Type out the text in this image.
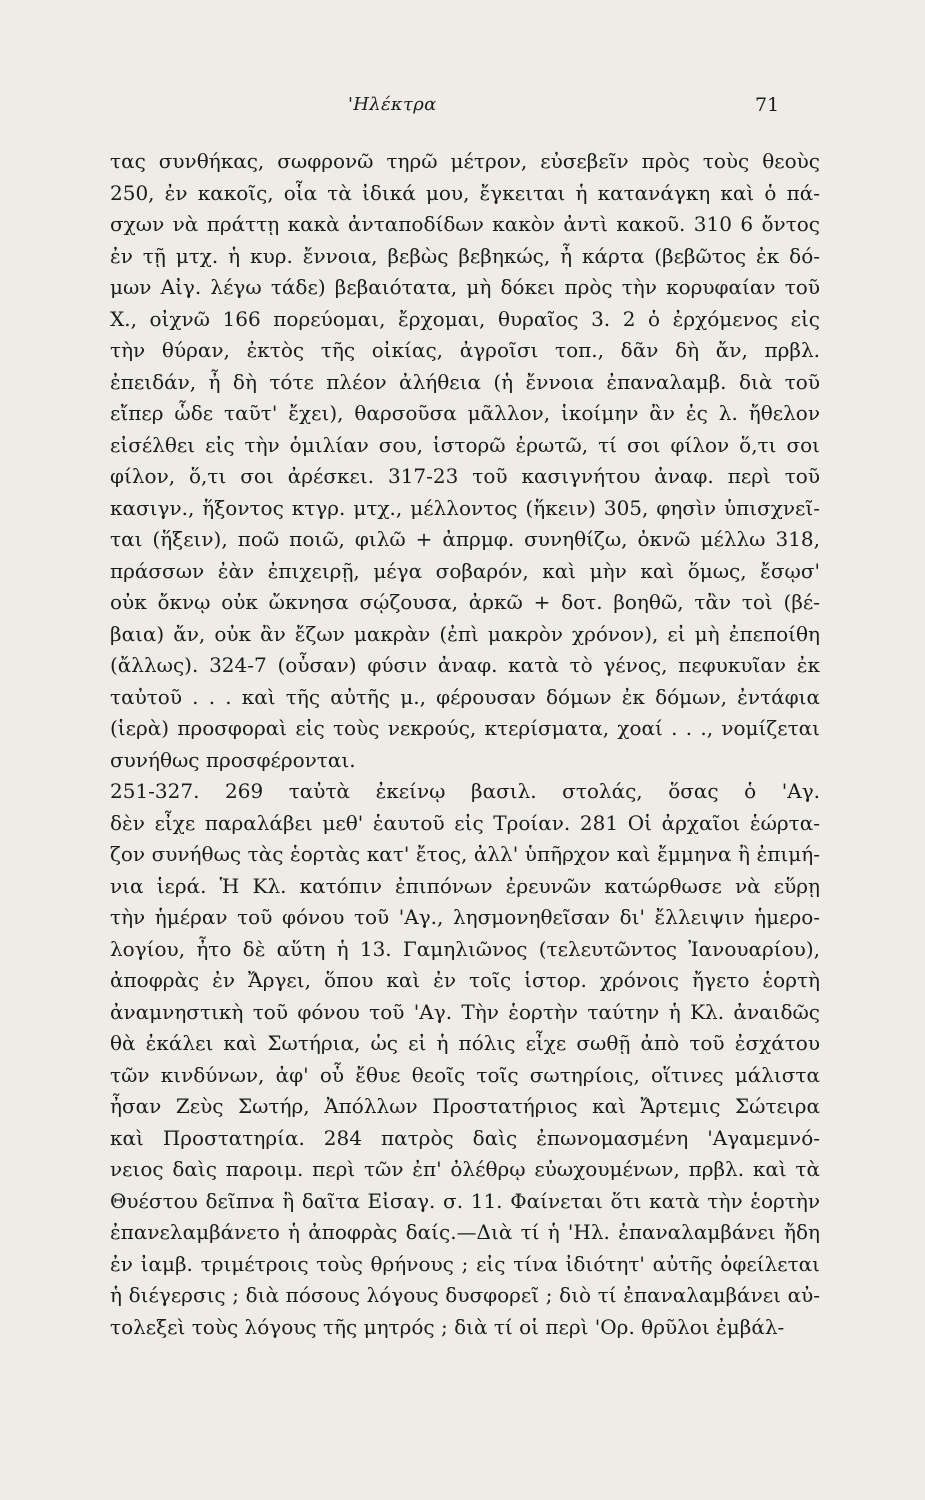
'Ηλέκτρα	71
τας συνθήκας, σωφρονῶ τηρῶ μέτρον, εὐσεβεῖν πρὸς τοὺς θεοὺς
250, ἐν κακοῖς, οἷα τὰ ἰδικά μου, ἔγκειται ἡ κατανάγκη καὶ ὁ πά-
σχων νὰ πράττῃ κακὰ ἀνταποδίδων κακὸν ἀντὶ κακοῦ. 310 6 ὄντος
ἐν τῇ μτχ. ἡ κυρ. ἔννοια, βεβὼς βεβηκώς, ἦ κάρτα (βεβῶτος ἐκ δό-
μων Αἰγ. λέγω τάδε) βεβαιότατα, μὴ δόκει πρὸς τὴν κορυφαίαν τοῦ
Χ., οἰχνῶ 166 πορεύομαι, ἔρχομαι, θυραῖος 3. 2 ὁ ἐρχόμενος εἰς
τὴν θύραν, ἐκτὸς τῆς οἰκίας, ἀγροῖσι τοπ., δᾶν δὴ ἄν, πρβλ.
ἐπειδάν, ἦ δὴ τότε πλέον ἀλήθεια (ἡ ἔννοια ἐπαναλαμβ. διὰ τοῦ
εἴπερ ὧδε ταῦτ' ἔχει), θαρσοῦσα μᾶλλον, ἱκοίμην ἂν ἐς λ. ἤθελον
εἰσέλθει εἰς τὴν ὁμιλίαν σου, ἱστορῶ ἐρωτῶ, τί σοι φίλον ὅ,τι σοι
φίλον, ὅ,τι σοι ἀρέσκει. 317-23 τοῦ κασιγνήτου ἀναφ. περὶ τοῦ
κασιγν., ἥξοντος κτγρ. μτχ., μέλλοντος (ἥκειν) 305, φησὶν ὑπισχνεῖ-
ται (ἥξειν), ποῶ ποιῶ, φιλῶ + ἀπρμφ. συνηθίζω, ὀκνῶ μέλλω 318,
πράσσων ἐὰν ἐπιχειρῇ, μέγα σοβαρόν, καὶ μὴν καὶ ὅμως, ἔσῳσ'
οὐκ ὄκνῳ οὐκ ὤκνησα σῴζουσα, ἀρκῶ + δοτ. βοηθῶ, τἂν τοὶ (βέ-
βαια) ἄν, οὐκ ἂν ἔζων μακρὰν (ἐπὶ μακρὸν χρόνον), εἰ μὴ ἐπεποίθη
(ἄλλως). 324-7 (οὖσαν) φύσιν ἀναφ. κατὰ τὸ γένος, πεφυκυῖαν ἐκ
ταὐτοῦ . . . καὶ τῆς αὐτῆς μ., φέρουσαν δόμων ἐκ δόμων, ἐντάφια
(ἱερὰ) προσφοραὶ εἰς τοὺς νεκρούς, κτερίσματα, χοαί . . ., νομίζεται
συνήθως προσφέρονται.
251-327. 269 ταὐτὰ ἐκείνῳ βασιλ. στολάς, ὅσας ὁ 'Αγ.
δὲν εἶχε παραλάβει μεθ' ἑαυτοῦ εἰς Τροίαν. 281 Οἱ ἀρχαῖοι ἑώρτα-
ζον συνήθως τὰς ἑορτὰς κατ' ἔτος, ἀλλ' ὑπῆρχον καὶ ἔμμηνα ἢ ἐπιμή-
νια ἱερά. Ἡ Κλ. κατόπιν ἐπιπόνων ἐρευνῶν κατώρθωσε νὰ εὕρῃ
τὴν ἡμέραν τοῦ φόνου τοῦ 'Αγ., λησμονηθεῖσαν δι' ἔλλειψιν ἡμερο-
λογίου, ἦτο δὲ αὕτη ἡ 13. Γαμηλιῶνος (τελευτῶντος Ἰανουαρίου),
ἀποφρὰς ἐν Ἄργει, ὅπου καὶ ἐν τοῖς ἱστορ. χρόνοις ἤγετο ἑορτὴ
ἀναμνηστικὴ τοῦ φόνου τοῦ 'Αγ. Τὴν ἑορτὴν ταύτην ἡ Κλ. ἀναιδῶς
θὰ ἐκάλει καὶ Σωτήρια, ὡς εἰ ἡ πόλις εἶχε σωθῇ ἀπὸ τοῦ ἐσχάτου
τῶν κινδύνων, ἀφ' οὗ ἔθυε θεοῖς τοῖς σωτηρίοις, οἵτινες μάλιστα
ἦσαν Ζεὺς Σωτήρ, Ἀπόλλων Προστατήριος καὶ Ἄρτεμις Σώτειρα
καὶ Προστατηρία. 284 πατρὸς δαὶς ἐπωνομασμένη 'Αγαμεμνό-
νειος δαὶς παροιμ. περὶ τῶν ἐπ' ὀλέθρῳ εὐωχουμένων, πρβλ. καὶ τὰ
Θυέστου δεῖπνα ἢ δαῖτα Εἰσαγ. σ. 11. Φαίνεται ὅτι κατὰ τὴν ἑορτὴν
ἐπανελαμβάνετο ἡ ἀποφρὰς δαίς.—Διὰ τί ἡ 'Ηλ. ἐπαναλαμβάνει ἤδη
ἐν ἰαμβ. τριμέτροις τοὺς θρήνους ; εἰς τίνα ἰδιότητ' αὐτῆς ὀφείλεται
ἡ διέγερσις ; διὰ πόσους λόγους δυσφορεῖ ; διὸ τί ἐπαναλαμβάνει αὐ-
τολεξεὶ τοὺς λόγους τῆς μητρός ; διὰ τί οἱ περὶ 'Ορ. θρῦλοι ἐμβάλ-
